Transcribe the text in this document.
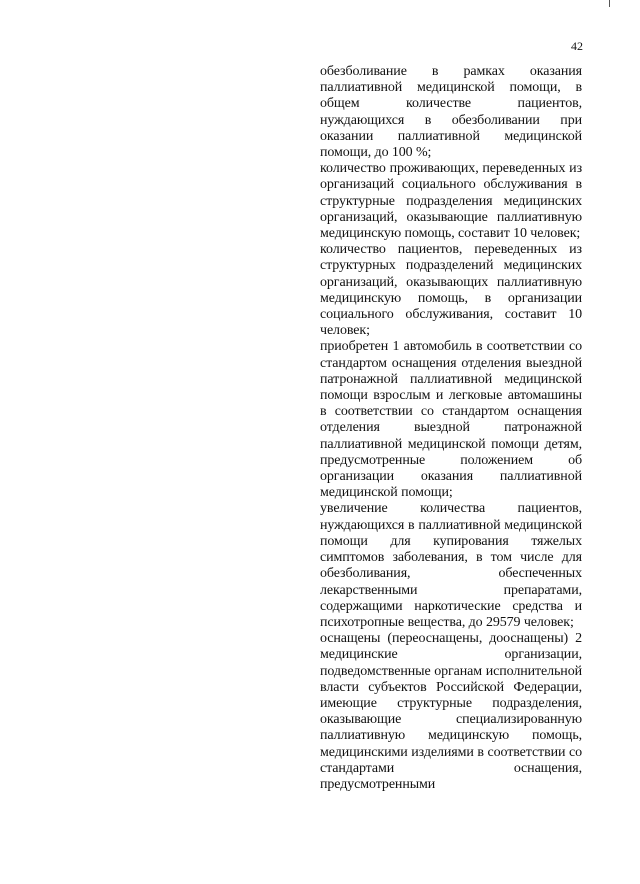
42

обезболивание в рамках оказания паллиативной медицинской помощи, в общем количестве пациентов, нуждающихся в обезболивании при оказании паллиативной медицинской помощи, до 100 %;

количество проживающих, переведенных из организаций социального обслуживания в структурные подразделения медицинских организаций, оказывающие паллиативную медицинскую помощь, составит 10 человек;

количество пациентов, переведенных из структурных подразделений медицинских организаций, оказывающих паллиативную медицинскую помощь, в организации социального обслуживания, составит 10 человек;

приобретен 1 автомобиль в соответствии со стандартом оснащения отделения выездной патронажной паллиативной медицинской помощи взрослым и легковые автомашины в соответствии со стандартом оснащения отделения выездной патронажной паллиативной медицинской помощи детям, предусмотренные положением об организации оказания паллиативной медицинской помощи;

увеличение количества пациентов, нуждающихся в паллиативной медицинской помощи для купирования тяжелых симптомов заболевания, в том числе для обезболивания, обеспеченных лекарственными препаратами, содержащими наркотические средства и психотропные вещества, до 29579 человек;

оснащены (переоснащены, дооснащены) 2 медицинские организации, подведомственные органам исполнительной власти субъектов Российской Федерации, имеющие структурные подразделения, оказывающие специализированную паллиативную медицинскую помощь, медицинскими изделиями в соответствии со стандартами оснащения, предусмотренными
